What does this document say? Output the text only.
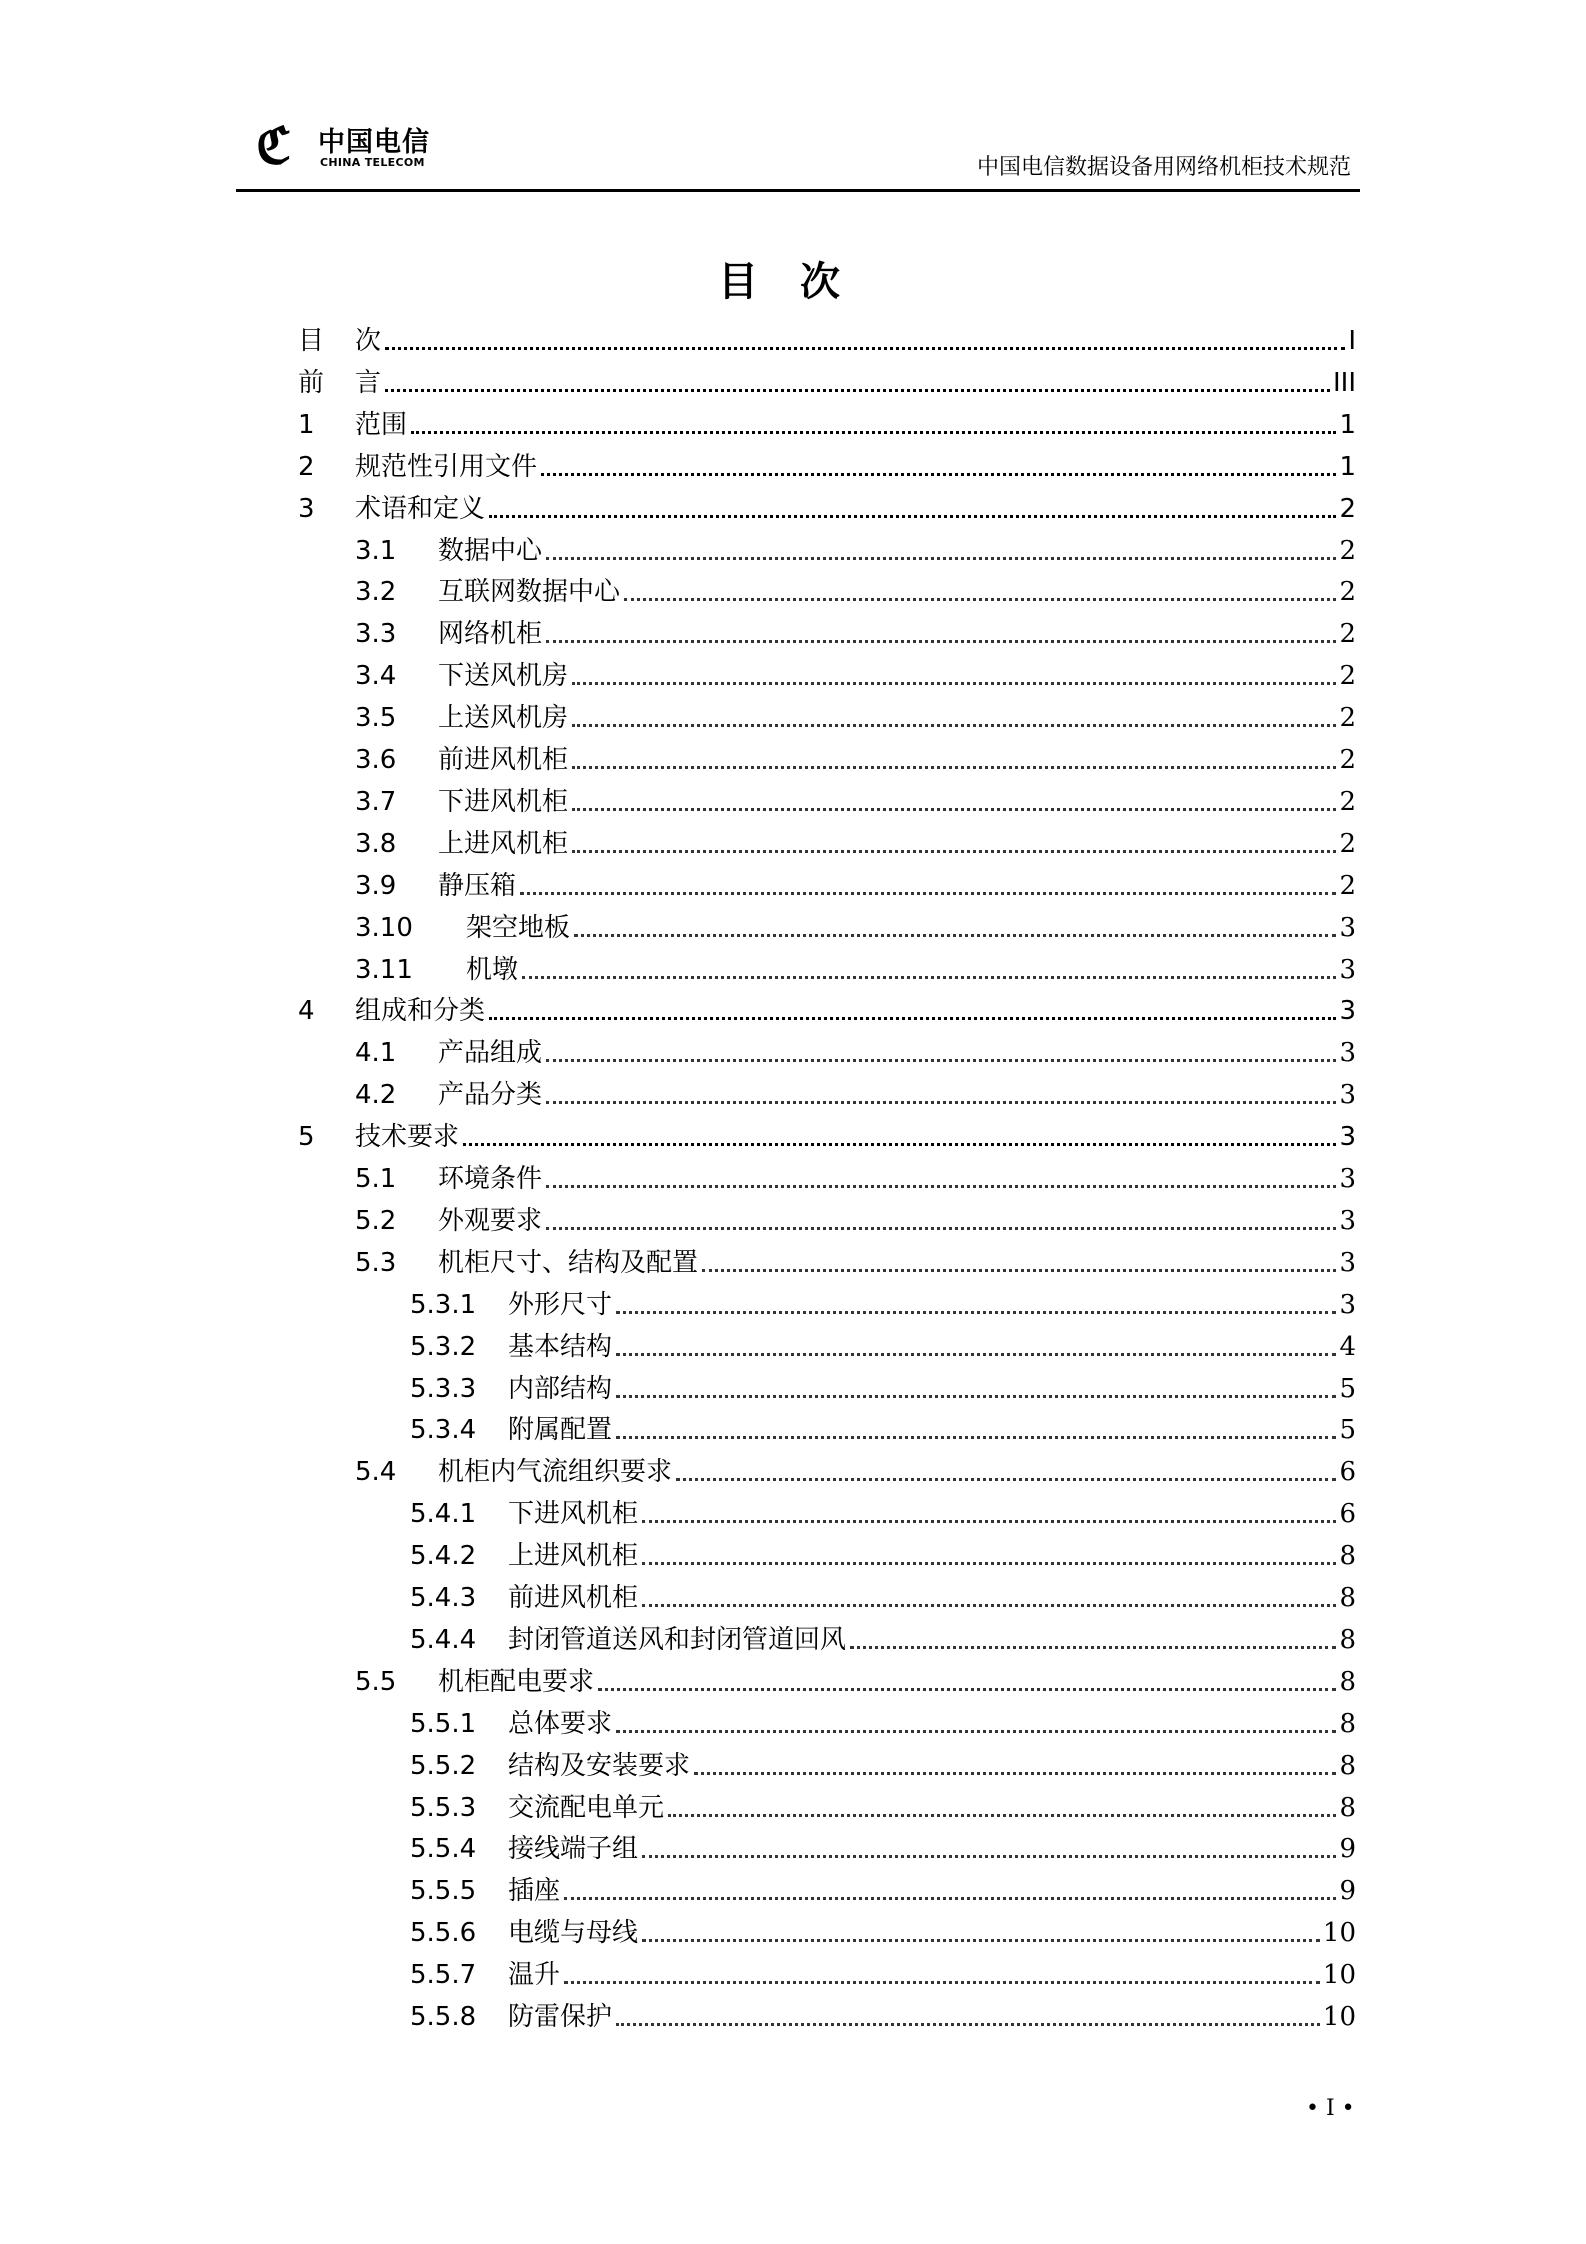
ℭ 中国电信
CHINA TELECOM	中国电信数据设备用网络机柜技术规范
目次
目	次	I
前	言	III
1	范围	1
2	规范性引用文件	1
3	术语和定义	2
3.1	数据中心	2
3.2	互联网数据中心	2
3.3	网络机柜	2
3.4	下送风机房	2
3.5	上送风机房	2
3.6	前进风机柜	2
3.7	下进风机柜	2
3.8	上进风机柜	2
3.9	静压箱	2
3.10	架空地板	3
3.11	机墩	3
4	组成和分类	3
4.1	产品组成	3
4.2	产品分类	3
5	技术要求	3
5.1	环境条件	3
5.2	外观要求	3
5.3	机柜尺寸、结构及配置	3
5.3.1	外形尺寸	3
5.3.2	基本结构	4
5.3.3	内部结构	5
5.3.4	附属配置	5
5.4	机柜内气流组织要求	6
5.4.1	下进风机柜	6
5.4.2	上进风机柜	8
5.4.3	前进风机柜	8
5.4.4	封闭管道送风和封闭管道回风	8
5.5	机柜配电要求	8
5.5.1	总体要求	8
5.5.2	结构及安装要求	8
5.5.3	交流配电单元	8
5.5.4	接线端子组	9
5.5.5	插座	9
5.5.6	电缆与母线	10
5.5.7	温升	10
5.5.8	防雷保护	10
• I •
